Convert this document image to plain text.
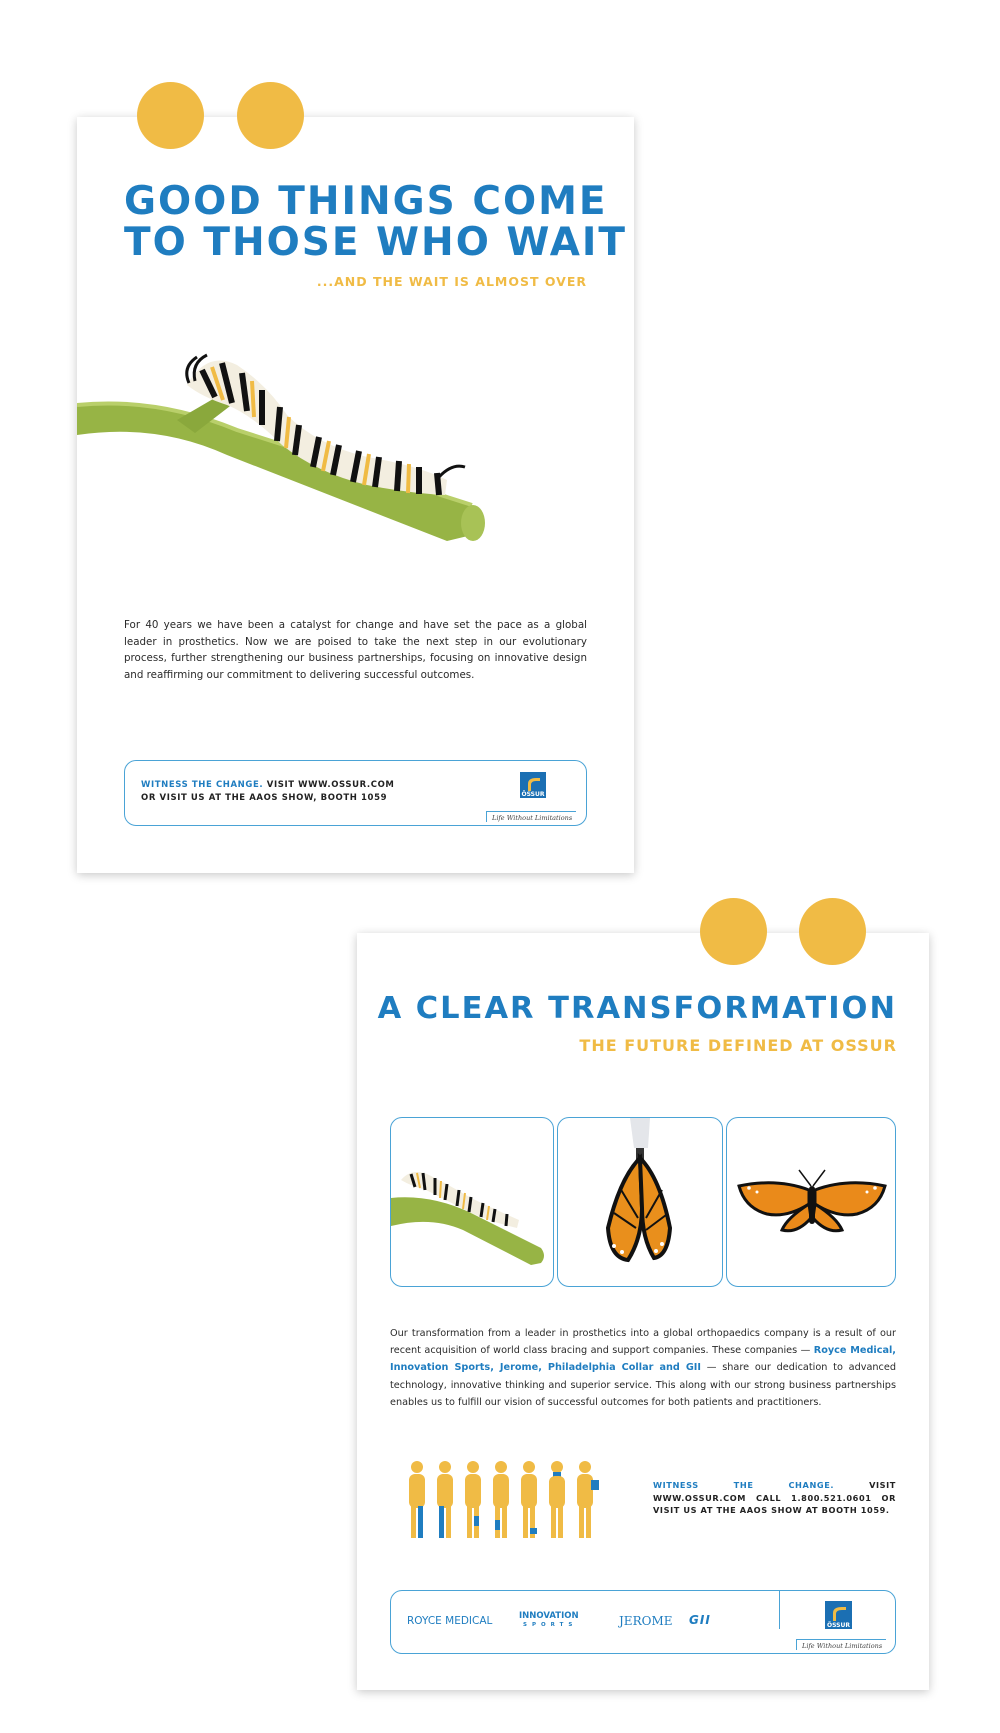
GOOD THINGS COME
TO THOSE WHO WAIT

...AND THE WAIT IS ALMOST OVER

For 40 years we have been a catalyst for change and have set the pace as a global leader in prosthetics. Now we are poised to take the next step in our evolutionary process, further strengthening our business partnerships, focusing on innovative design and reaffirming our commitment to delivering successful outcomes.

WITNESS THE CHANGE. VISIT WWW.OSSUR.COM
OR VISIT US AT THE AAOS SHOW, BOOTH 1059	ÖSSUR
Life Without Limitations
A CLEAR TRANSFORMATION

THE FUTURE DEFINED AT OSSUR

Our transformation from a leader in prosthetics into a global orthopaedics company is a result of our recent acquisition of world class bracing and support companies. These companies — Royce Medical, Innovation Sports, Jerome, Philadelphia Collar and GII — share our dedication to advanced technology, innovative thinking and superior service. This along with our strong business partnerships enables us to fulfill our vision of successful outcomes for both patients and practitioners.

WITNESS THE CHANGE. VISIT WWW.OSSUR.COM CALL 1.800.521.0601 OR VISIT US AT THE AAOS SHOW AT BOOTH 1059.
ROYCE MEDICAL	INNOVATION
SPORTS	JEROME GII	ÖSSUR
Life Without Limitations
